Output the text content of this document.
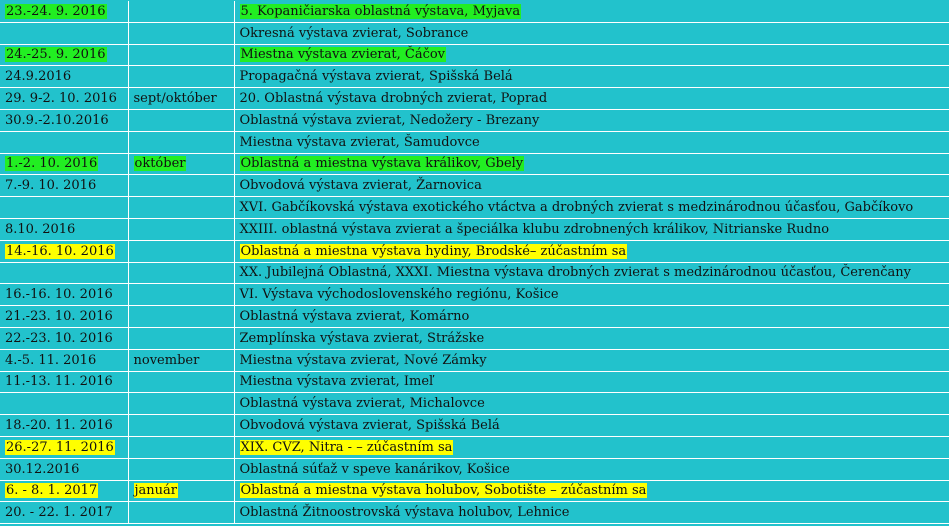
23.-24. 9. 2016		5. Kopaničiarska oblastná výstava, Myjava
		Okresná výstava zvierat, Sobrance
24.-25. 9. 2016		Miestna výstava zvierat, Čáčov
24.9.2016		Propagačná výstava zvierat, Spišská Belá
29. 9-2. 10. 2016	sept/október	20. Oblastná výstava drobných zvierat, Poprad
30.9.-2.10.2016		Oblastná výstava zvierat, Nedožery - Brezany
		Miestna výstava zvierat, Šamudovce
1.-2. 10. 2016	október	Oblastná a miestna výstava králikov, Gbely
7.-9. 10. 2016		Obvodová výstava zvierat, Žarnovica
		XVI. Gabčíkovská výstava exotického vtáctva a drobných zvierat s medzinárodnou účasťou, Gabčíkovo
8.10. 2016		XXIII. oblastná výstava zvierat a špeciálka klubu zdrobnených králikov, Nitrianske Rudno
14.-16. 10. 2016		Oblastná a miestna výstava hydiny, Brodské– zúčastním sa
		XX. Jubilejná Oblastná, XXXI. Miestna výstava drobných zvierat s medzinárodnou účasťou, Čerenčany
16.-16. 10. 2016		VI. Výstava východoslovenského regiónu, Košice
21.-23. 10. 2016		Oblastná výstava zvierat, Komárno
22.-23. 10. 2016		Zemplínska výstava zvierat, Strážske
4.-5. 11. 2016	november	Miestna výstava zvierat, Nové Zámky
11.-13. 11. 2016		Miestna výstava zvierat, Imeľ
		Oblastná výstava zvierat, Michalovce
18.-20. 11. 2016		Obvodová výstava zvierat, Spišská Belá
26.-27. 11. 2016		XIX. CVZ, Nitra - – zúčastním sa
30.12.2016		Oblastná súťaž v speve kanárikov, Košice
6. - 8. 1. 2017	január	Oblastná a miestna výstava holubov, Sobotište – zúčastním sa
20. - 22. 1. 2017		Oblastná Žitnoostrovská výstava holubov, Lehnice
